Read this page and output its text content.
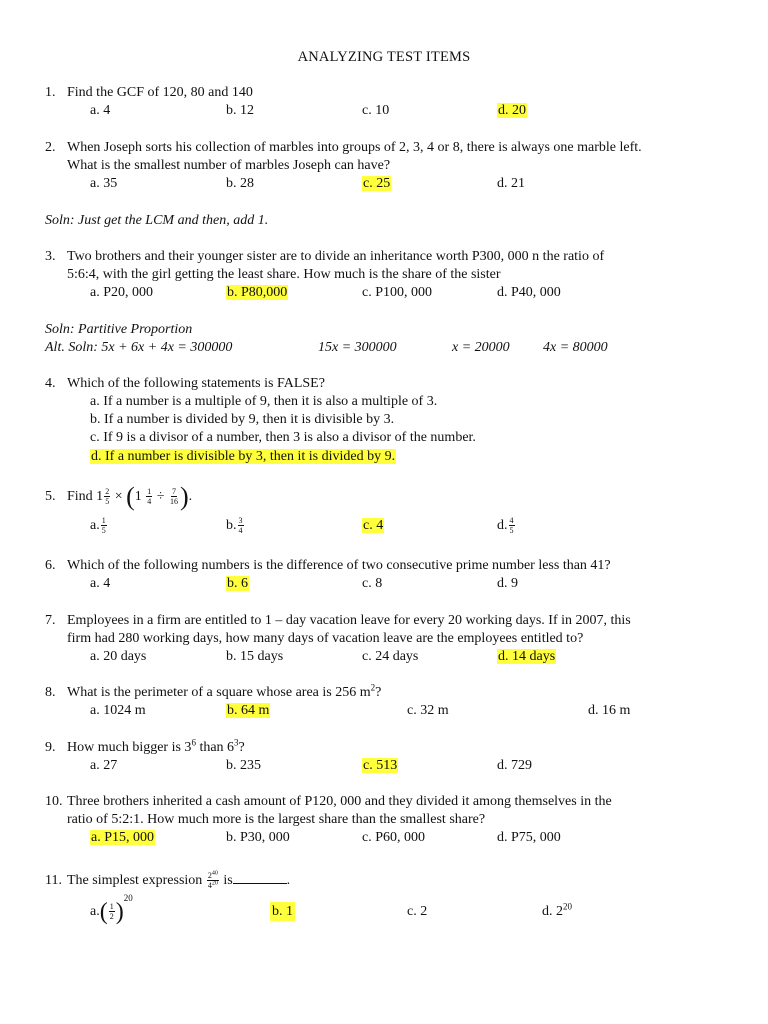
ANALYZING TEST ITEMS
1. Find the GCF of 120, 80 and 140
a. 4	b. 12	c. 10	d. 20
2. When Joseph sorts his collection of marbles into groups of 2, 3, 4 or 8, there is always one marble left.
What is the smallest number of marbles Joseph can have?
a. 35	b. 28	c. 25	d. 21
Soln: Just get the LCM and then, add 1.
3. Two brothers and their younger sister are to divide an inheritance worth P300, 000 n the ratio of
5:6:4, with the girl getting the least share. How much is the share of the sister
a. P20, 000	b. P80,000	c. P100, 000	d. P40, 000
Soln: Partitive Proportion
Alt. Soln: 5x + 6x + 4x = 300000	15x = 300000	x = 20000 4x = 80000
4. Which of the following statements is FALSE?
a. If a number is a multiple of 9, then it is also a multiple of 3.
b. If a number is divided by 9, then it is divisible by 3.
c. If 9 is a divisor of a number, then 3 is also a divisor of the number.
d. If a number is divisible by 3, then it is divided by 9.
5. Find $1 \frac{2}{5} \times (1 \frac{1}{4} \div \frac{7}{16}$ ).
a. $\frac{1}{5}$	b. $\frac{3}{4}$	c. 4	d. $\frac{4}{5}$
6. Which of the following numbers is the difference of two consecutive prime number less than 41?
a. 4	b. 6	c. 8	d. 9
7. Employees in a firm are entitled to 1 – day vacation leave for every 20 working days. If in 2007, this
firm had 280 working days, how many days of vacation leave are the employees entitled to?
a. 20 days	b. 15 days	c. 24 days	d. 14 days
8. What is the perimeter of a square whose area is 256 $m^2$?
a. 1024 m	b. 64 m	c. 32 m	d. 16 m
9. How much bigger is $3^6$ than $6^3$?
a. 27	b. 235	c. 513	d. 729
10. Three brothers inherited a cash amount of P120, 000 and they divided it among themselves in the
ratio of 5:2:1. How much more is the largest share than the smallest share?
a. P15, 000	b. P30, 000	c. P60, 000	d. P75, 000
11. The simplest expression $\frac{2^{40}}{4^{20}}$ is	.
$a.( \frac{1}{2} )^{20}$
b. 1	c. 2	d. $2^{20}$
